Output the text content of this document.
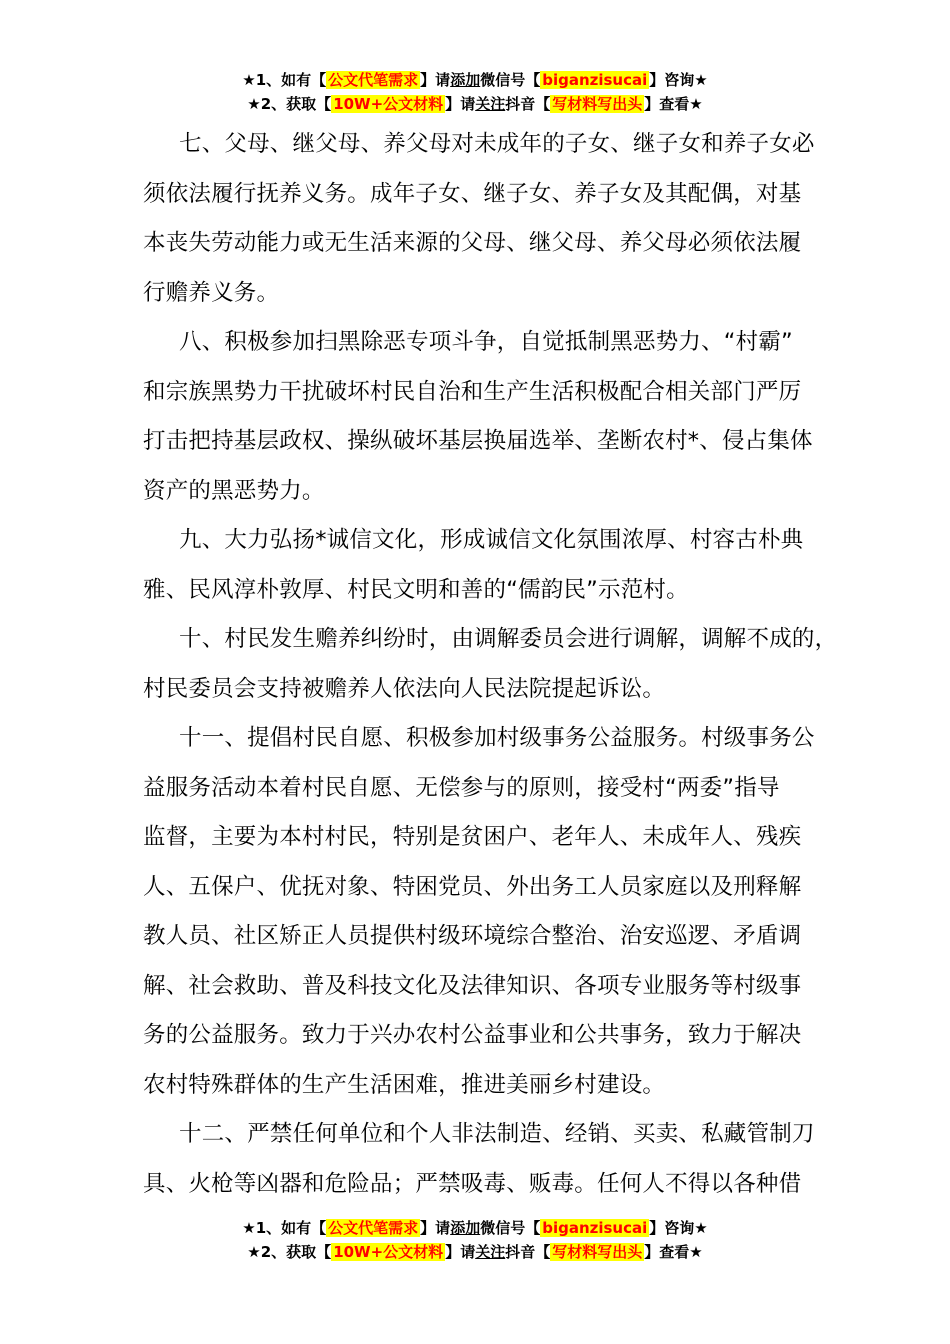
★1、如有【 公文代笔需求 】请添加微信号【 biganzisucai 】咨询★
★2、获取【 10W+公文材料 】请关注抖音【 写材料写出头 】查看★
七、父母、继父母、养父母对未成年的子女、继子女和养子女必
须依法履行抚养义务。成年子女、继子女、养子女及其配偶，对基
本丧失劳动能力或无生活来源的父母、继父母、养父母必须依法履
行赡养义务。
八、积极参加扫黑除恶专项斗争，自觉抵制黑恶势力、“村霸”
和宗族黑势力干扰破坏村民自治和生产生活积极配合相关部门严厉
打击把持基层政权、操纵破坏基层换届选举、垄断农村*、侵占集体
资产的黑恶势力。
九、大力弘扬*诚信文化，形成诚信文化氛围浓厚、村容古朴典
雅、民风淳朴敦厚、村民文明和善的“儒韵民”示范村。
十、村民发生赡养纠纷时，由调解委员会进行调解，调解不成的，
村民委员会支持被赡养人依法向人民法院提起诉讼。
十一、提倡村民自愿、积极参加村级事务公益服务。村级事务公
益服务活动本着村民自愿、无偿参与的原则，接受村“两委”指导
监督，主要为本村村民，特别是贫困户、老年人、未成年人、残疾
人、五保户、优抚对象、特困党员、外出务工人员家庭以及刑释解
教人员、社区矫正人员提供村级环境综合整治、治安巡逻、矛盾调
解、社会救助、普及科技文化及法律知识、各项专业服务等村级事
务的公益服务。致力于兴办农村公益事业和公共事务，致力于解决
农村特殊群体的生产生活困难，推进美丽乡村建设。
十二、严禁任何单位和个人非法制造、经销、买卖、私藏管制刀
具、火枪等凶器和危险品；严禁吸毒、贩毒。任何人不得以各种借
★1、如有【 公文代笔需求 】请添加微信号【 biganzisucai 】咨询★
★2、获取【 10W+公文材料 】请关注抖音【 写材料写出头 】查看★
